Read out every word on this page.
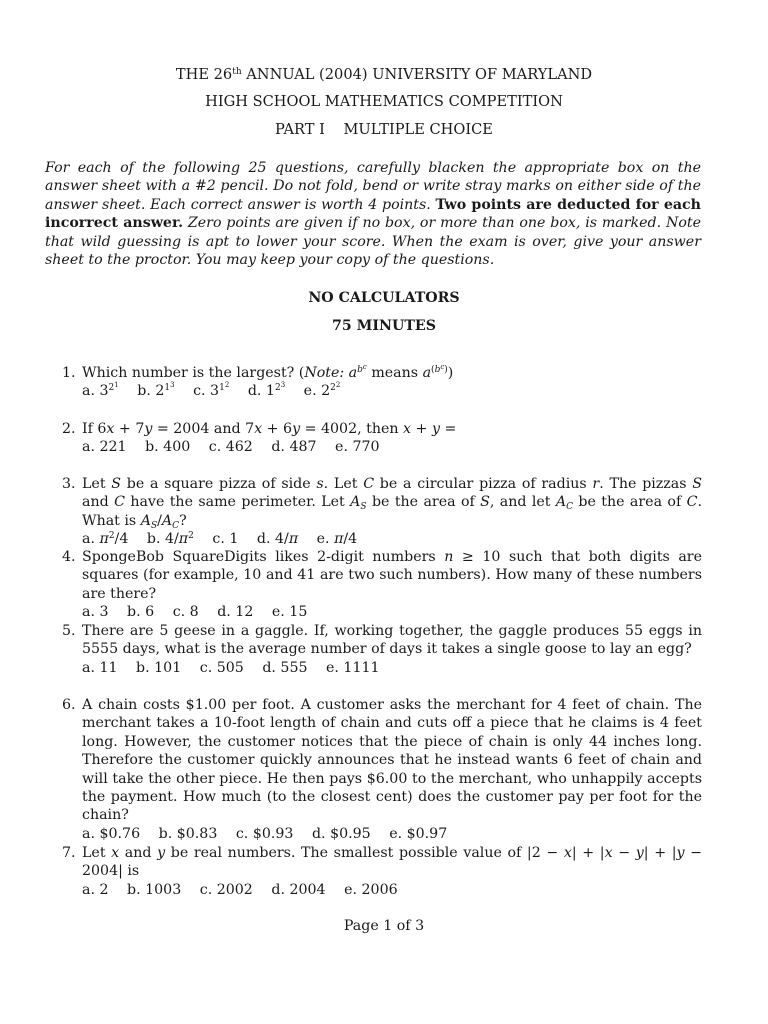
THE 26th ANNUAL (2004) UNIVERSITY OF MARYLAND
HIGH SCHOOL MATHEMATICS COMPETITION
PART I    MULTIPLE CHOICE
For each of the following 25 questions, carefully blacken the appropriate box on the answer sheet with a #2 pencil. Do not fold, bend or write stray marks on either side of the answer sheet. Each correct answer is worth 4 points. Two points are deducted for each incorrect answer. Zero points are given if no box, or more than one box, is marked. Note that wild guessing is apt to lower your score. When the exam is over, give your answer sheet to the proctor. You may keep your copy of the questions.
NO CALCULATORS
75 MINUTES
1. Which number is the largest? (Note: $a^{b^c}$ means $a^{(b^c)}$)
a. $3^{2^1}$ b. $2^{1^3}$ c. $3^{1^2}$ d. $1^{2^3}$ e. $2^{2^2}$
2. If 6x + 7y = 2004 and 7x + 6y = 4002, then x + y =
a. 221 b. 400 c. 462 d. 487 e. 770
3. Let S be a square pizza of side s. Let C be a circular pizza of radius r. The pizzas S and C have the same perimeter. Let $A_S$ be the area of S, and let $A_C$ be the area of C. What is $A_S/A_C$?
a. $\pi^2/4$ b. $4/\pi^2$ c. 1 d. 4/π e. π/4
4. SpongeBob SquareDigits likes 2-digit numbers n ≥ 10 such that both digits are squares (for example, 10 and 41 are two such numbers). How many of these numbers are there?
a. 3 b. 6 c. 8 d. 12 e. 15
5. There are 5 geese in a gaggle. If, working together, the gaggle produces 55 eggs in 5555 days, what is the average number of days it takes a single goose to lay an egg?
a. 11 b. 101 c. 505 d. 555 e. 1111
6. A chain costs $1.00 per foot. A customer asks the merchant for 4 feet of chain. The merchant takes a 10-foot length of chain and cuts off a piece that he claims is 4 feet long. However, the customer notices that the piece of chain is only 44 inches long. Therefore the customer quickly announces that he instead wants 6 feet of chain and will take the other piece. He then pays $6.00 to the merchant, who unhappily accepts the payment. How much (to the closest cent) does the customer pay per foot for the chain?
a. $0.76 b. $0.83 c. $0.93 d. $0.95 e. $0.97
7. Let x and y be real numbers. The smallest possible value of |2 − x| + |x − y| + |y − 2004| is
a. 2 b. 1003 c. 2002 d. 2004 e. 2006
Page 1 of 3
